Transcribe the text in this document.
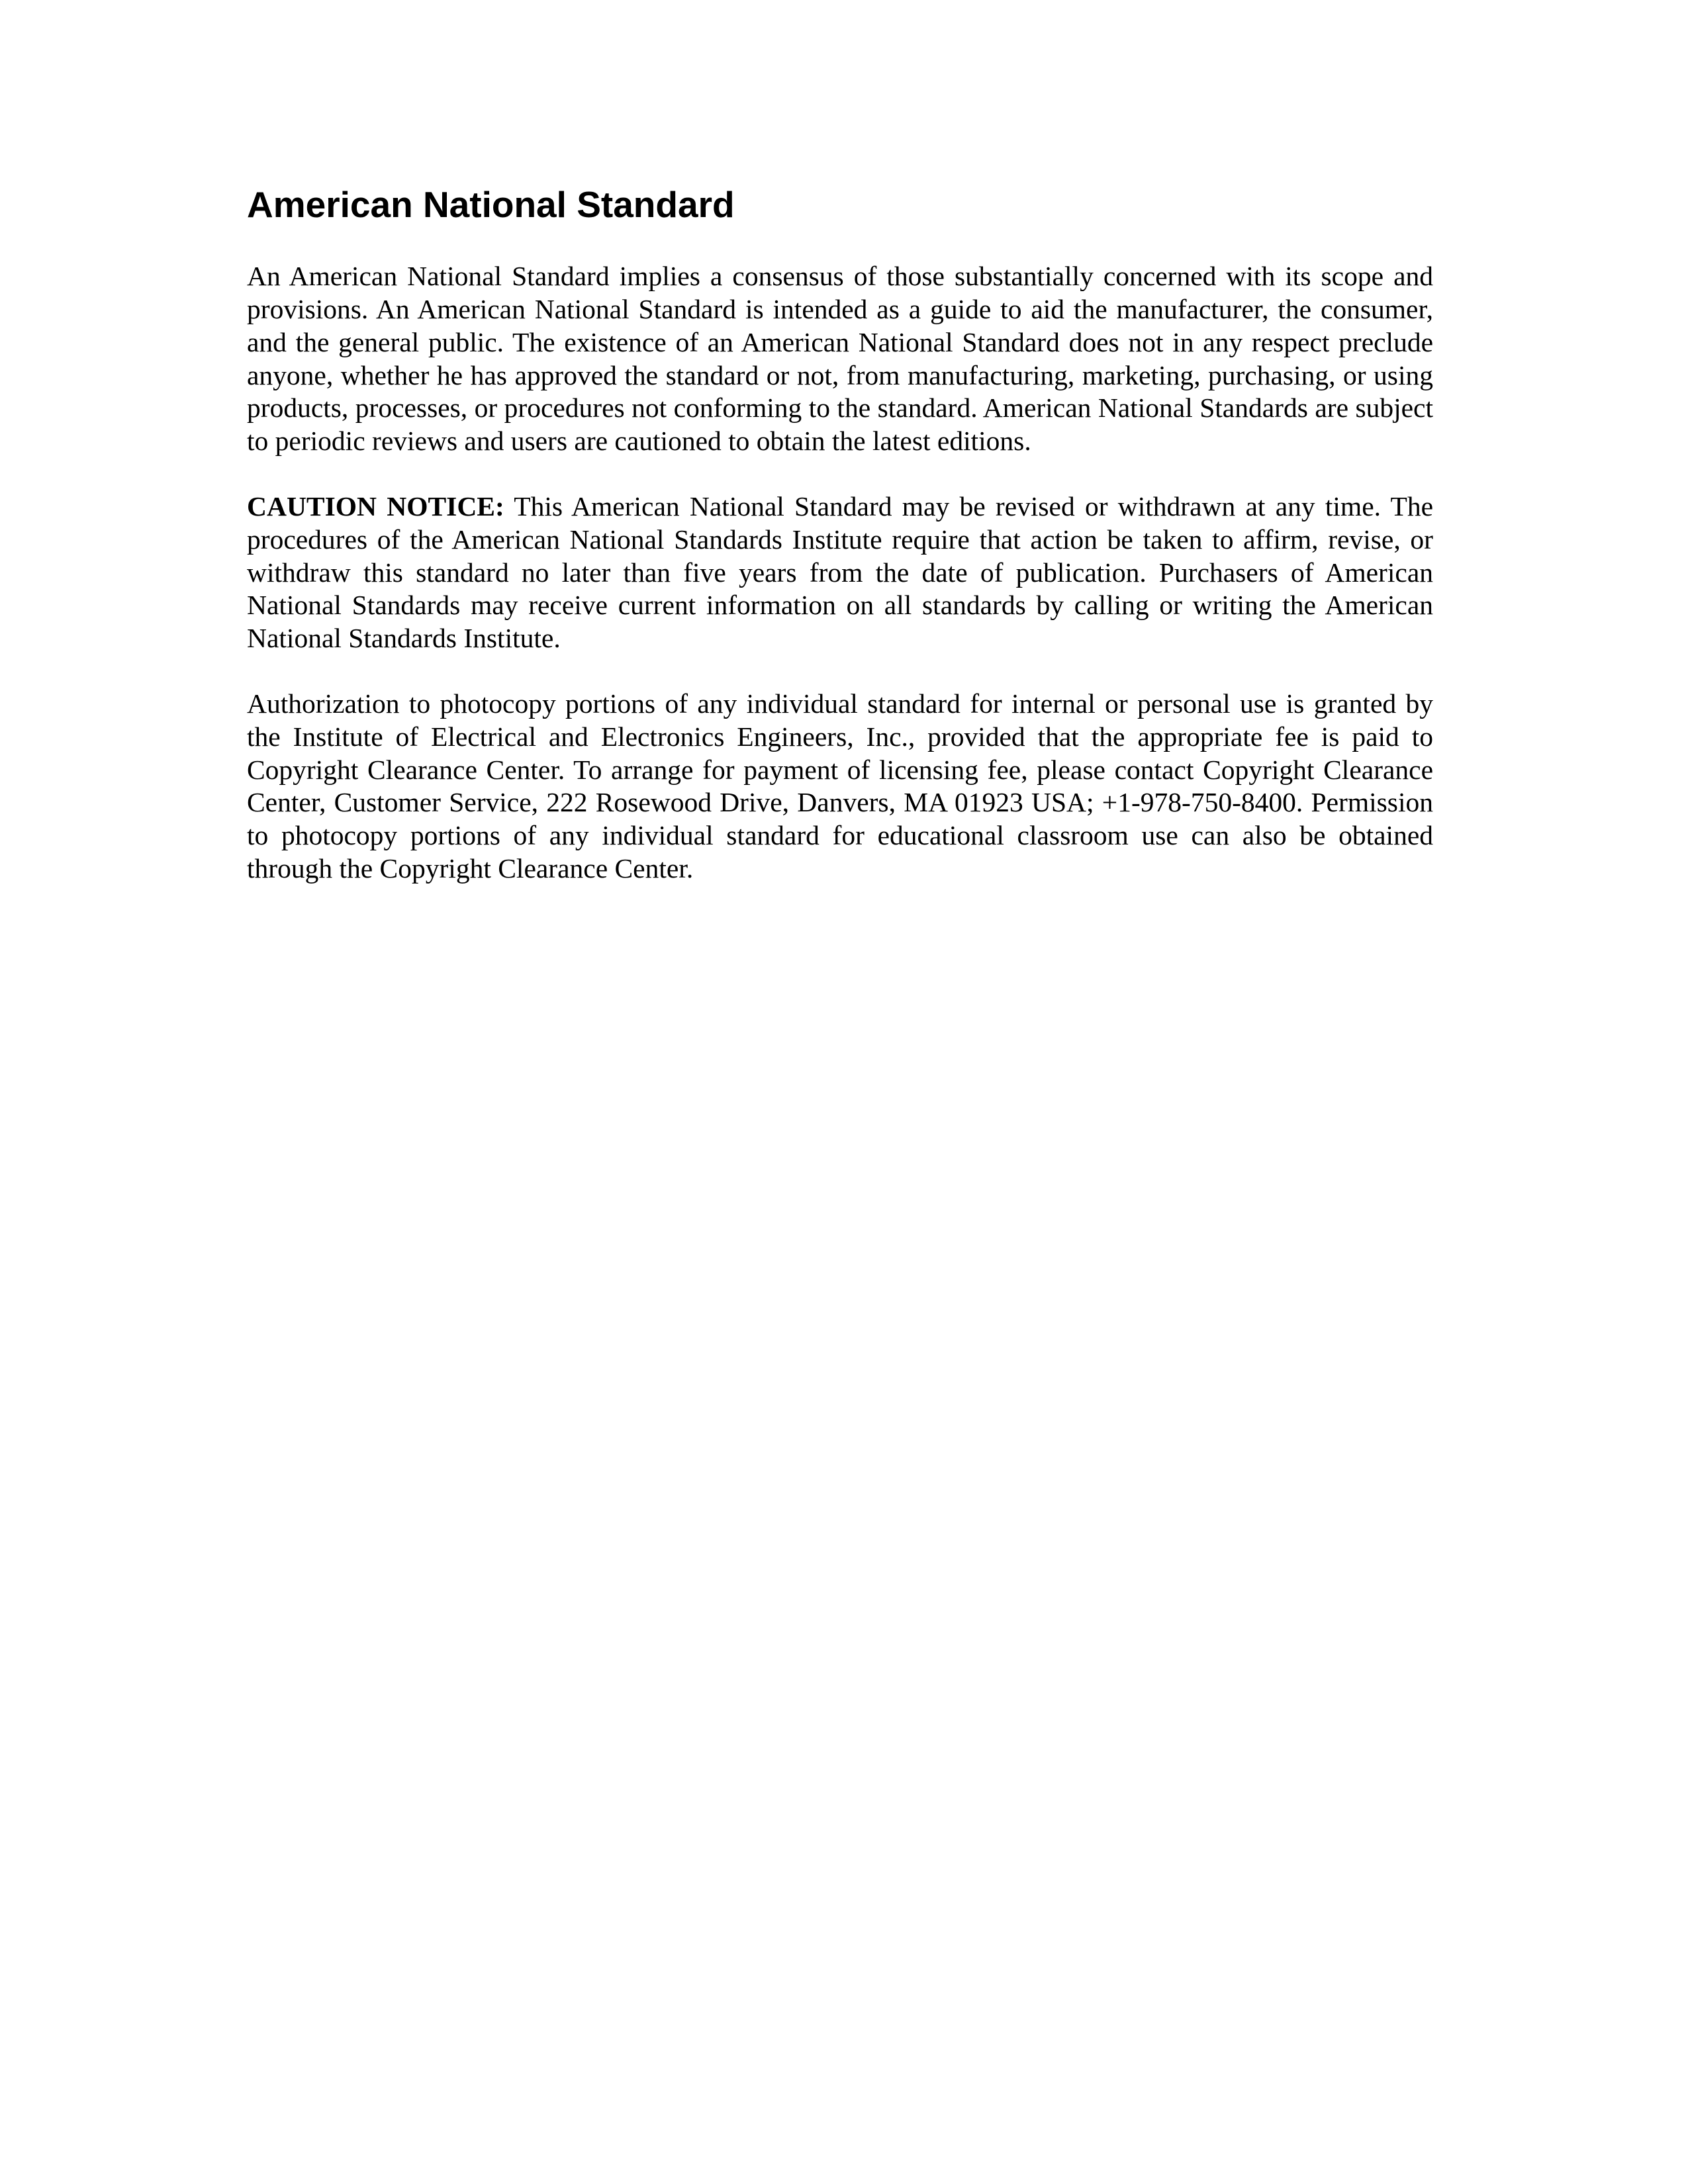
American National Standard

An American National Standard implies a consensus of those substantially concerned with its scope and provisions. An American National Standard is intended as a guide to aid the manufacturer, the consumer, and the general public. The existence of an American National Standard does not in any respect preclude anyone, whether he has approved the standard or not, from manufacturing, marketing, purchasing, or using products, processes, or procedures not conforming to the standard. American National Standards are subject to periodic reviews and users are cautioned to obtain the latest editions.

CAUTION NOTICE: This American National Standard may be revised or withdrawn at any time. The procedures of the American National Standards Institute require that action be taken to affirm, revise, or withdraw this standard no later than five years from the date of publication. Purchasers of American National Standards may receive current information on all standards by calling or writing the American National Standards Institute.

Authorization to photocopy portions of any individual standard for internal or personal use is granted by the Institute of Electrical and Electronics Engineers, Inc., provided that the appropriate fee is paid to Copyright Clearance Center. To arrange for payment of licensing fee, please contact Copyright Clearance Center, Customer Service, 222 Rosewood Drive, Danvers, MA 01923 USA; +1-978-750-8400. Permission to photocopy portions of any individual standard for educational classroom use can also be obtained through the Copyright Clearance Center.
